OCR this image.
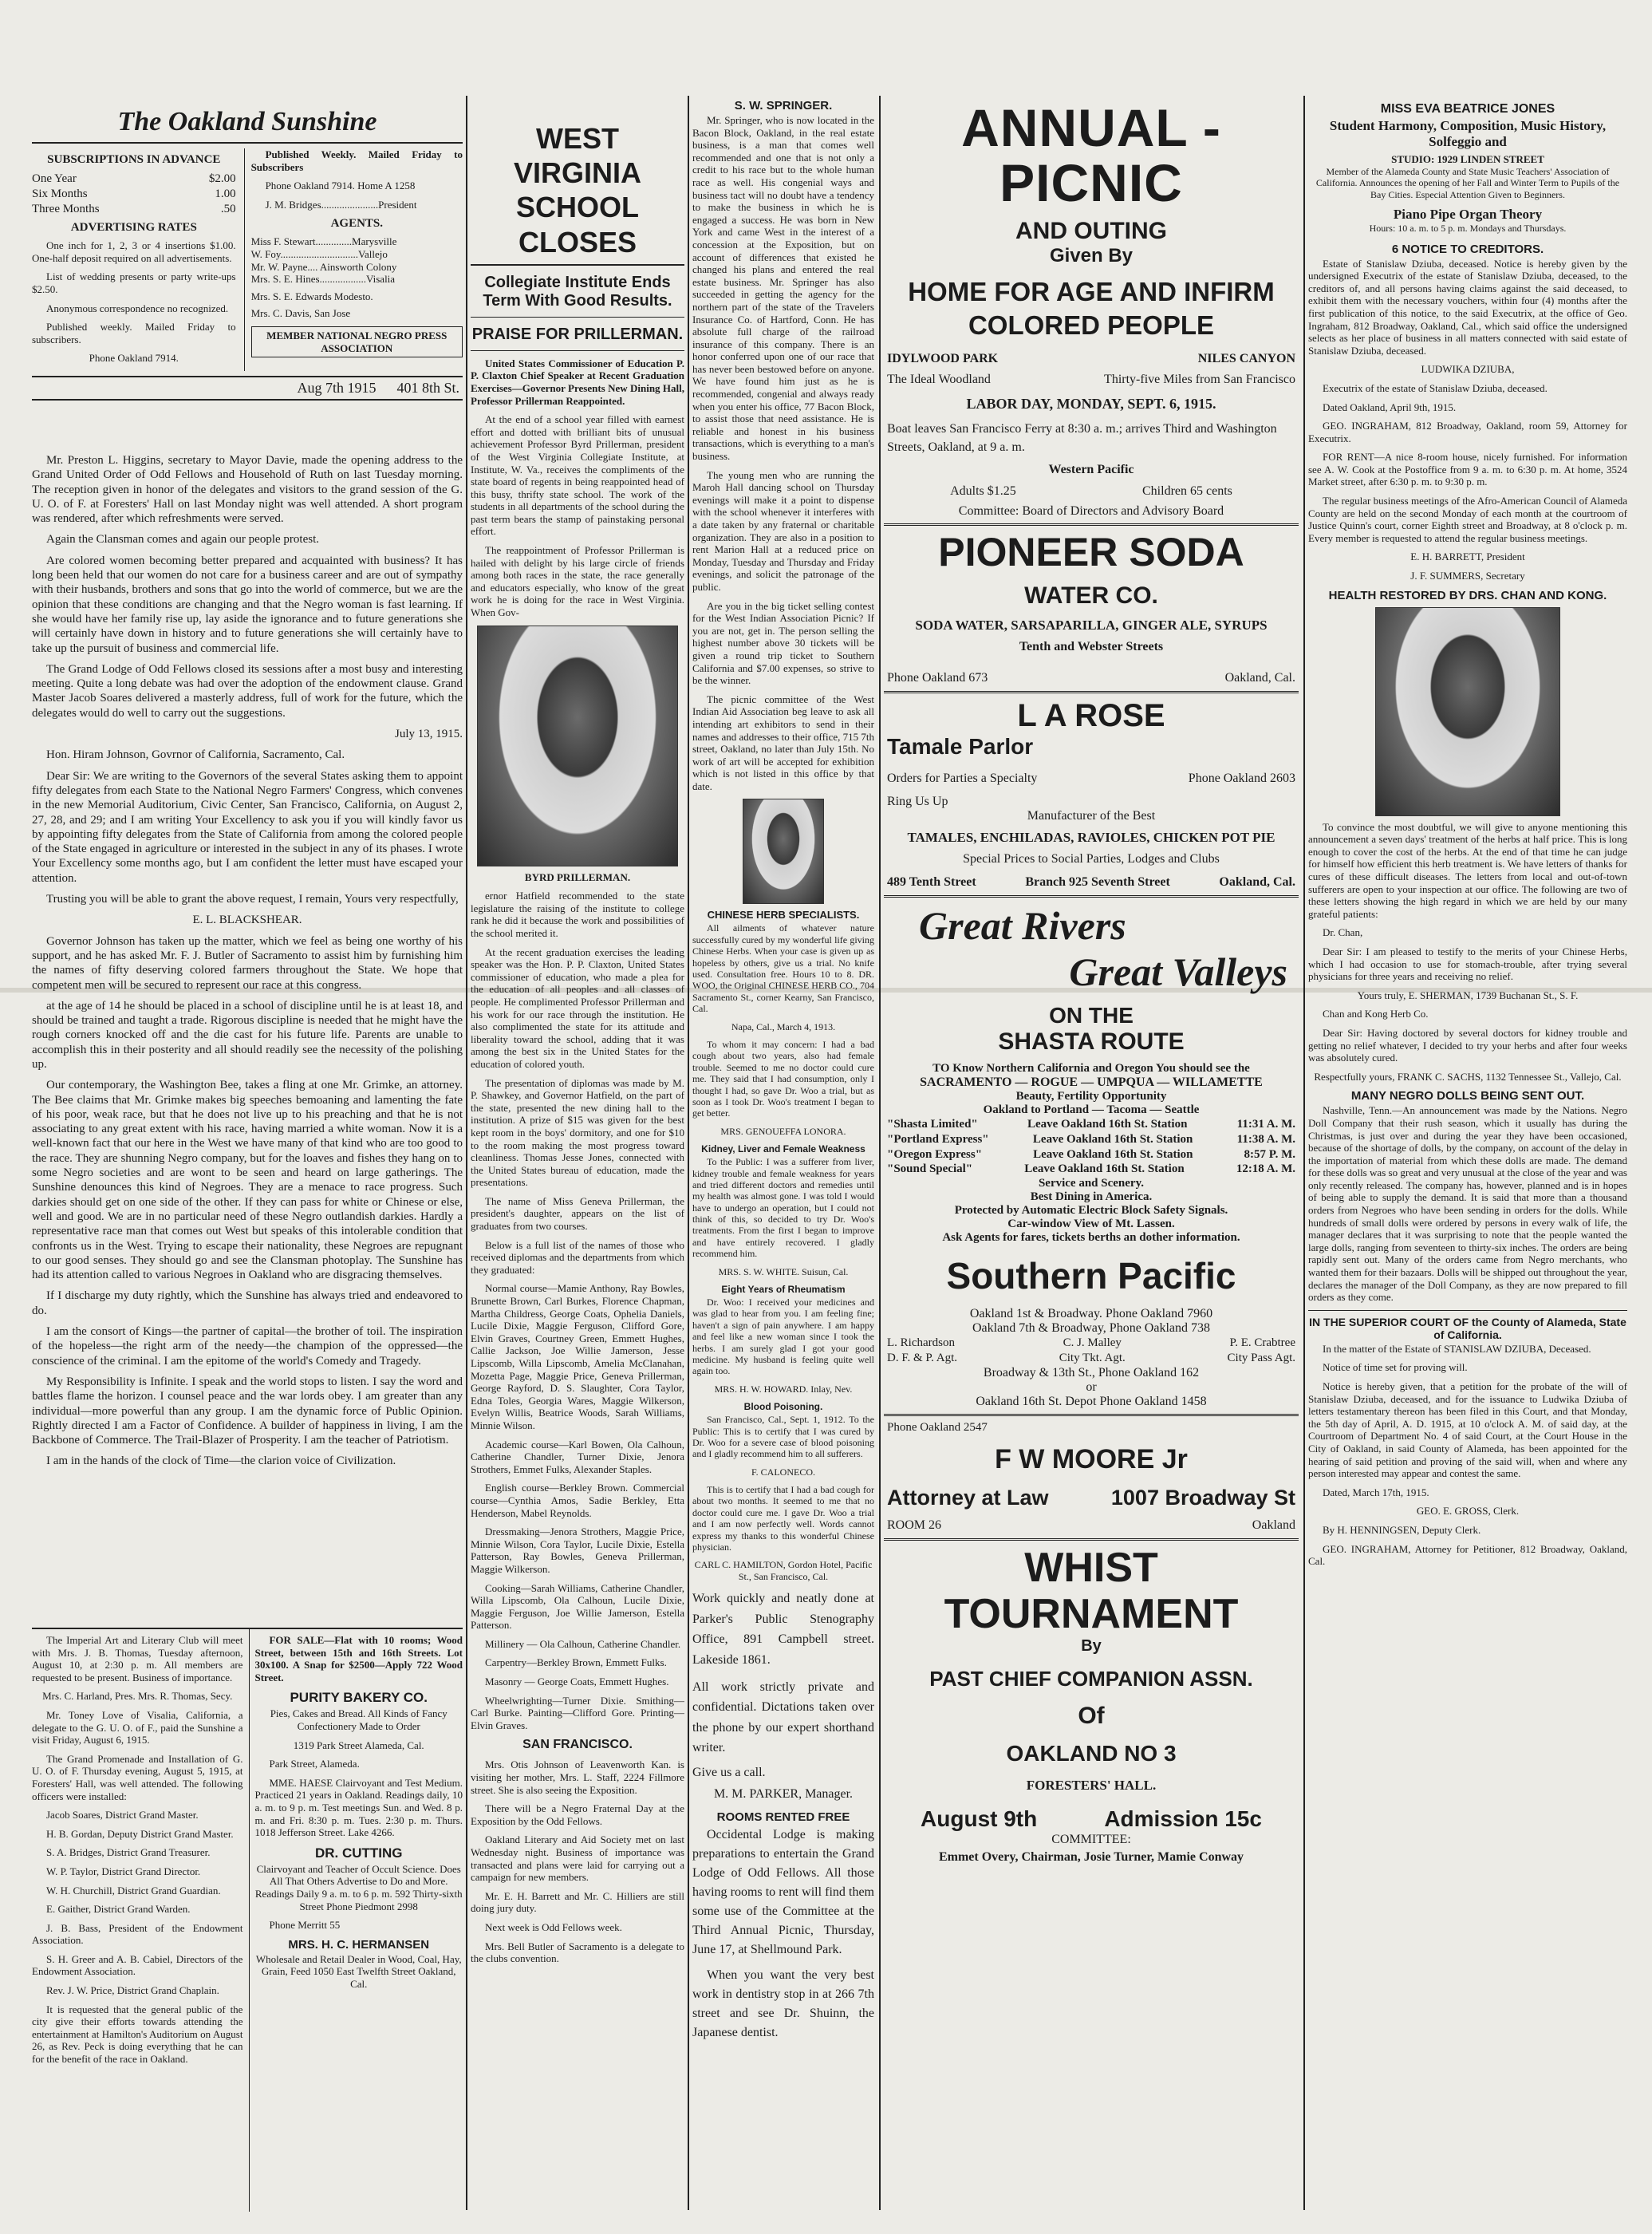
The Oakland Sunshine
SUBSCRIPTIONS IN ADVANCE
One Year	$2.00
Six Months	1.00
Three Months	.50
ADVERTISING RATES

One inch for 1, 2, 3 or 4 insertions $1.00. One-half deposit required on all advertisements.

List of wedding presents or party write-ups $2.50.

Anonymous correspondence no recognized.

Published weekly. Mailed Friday to subscribers.

Phone Oakland 7914.

Published Weekly. Mailed Friday to Subscribers

Phone Oakland 7914. Home A 1258

J. M. Bridges......................President

AGENTS.
Miss F. Stewart..............Marysville
W. Foy..............................Vallejo
Mr. W. Payne.... Ainsworth Colony
Mrs. S. E. Hines..................Visalia
Mrs. S. E. Edwards Modesto.
Mrs. C. Davis, San Jose
MEMBER NATIONAL NEGRO PRESS ASSOCIATION
Aug 7th 1915 401 8th St.

Mr. Preston L. Higgins, secretary to Mayor Davie, made the opening address to the Grand United Order of Odd Fellows and Household of Ruth on last Tuesday morning. The reception given in honor of the delegates and visitors to the grand session of the G. U. O. of F. at Foresters' Hall on last Monday night was well attended. A short program was rendered, after which refreshments were served.

Again the Clansman comes and again our people protest.

Are colored women becoming better prepared and acquainted with business? It has long been held that our women do not care for a business career and are out of sympathy with their husbands, brothers and sons that go into the world of commerce, but we are the opinion that these conditions are changing and that the Negro woman is fast learning. If she would have her family rise up, lay aside the ignorance and to future generations she will certainly have down in history and to future generations she will certainly have to take up the pursuit of business and commercial life.

The Grand Lodge of Odd Fellows closed its sessions after a most busy and interesting meeting. Quite a long debate was had over the adoption of the endowment clause. Grand Master Jacob Soares delivered a masterly address, full of work for the future, which the delegates would do well to carry out the suggestions.

July 13, 1915.

Hon. Hiram Johnson, Govrnor of California, Sacramento, Cal.

Dear Sir: We are writing to the Governors of the several States asking them to appoint fifty delegates from each State to the National Negro Farmers' Congress, which convenes in the new Memorial Auditorium, Civic Center, San Francisco, California, on August 2, 27, 28, and 29; and I am writing Your Excellency to ask you if you will kindly favor us by appointing fifty delegates from the State of California from among the colored people of the State engaged in agriculture or interested in the subject in any of its phases. I wrote Your Excellency some months ago, but I am confident the letter must have escaped your attention.

Trusting you will be able to grant the above request, I remain, Yours very respectfully,

E. L. BLACKSHEAR.

Governor Johnson has taken up the matter, which we feel as being one worthy of his support, and he has asked Mr. F. J. Butler of Sacramento to assist him by furnishing him the names of fifty deserving colored farmers throughout the State. We hope that competent men will be secured to represent our race at this congress.

at the age of 14 he should be placed in a school of discipline until he is at least 18, and should be trained and taught a trade. Rigorous discipline is needed that he might have the rough corners knocked off and the die cast for his future life. Parents are unable to accomplish this in their posterity and all should readily see the necessity of the polishing up.

Our contemporary, the Washington Bee, takes a fling at one Mr. Grimke, an attorney. The Bee claims that Mr. Grimke makes big speeches bemoaning and lamenting the fate of his poor, weak race, but that he does not live up to his preaching and that he is not associating to any great extent with his race, having married a white woman. Now it is a well-known fact that our here in the West we have many of that kind who are too good to the race. They are shunning Negro company, but for the loaves and fishes they hang on to some Negro societies and are wont to be seen and heard on large gatherings. The Sunshine denounces this kind of Negroes. They are a menace to race progress. Such darkies should get on one side of the other. If they can pass for white or Chinese or else, well and good. We are in no particular need of these Negro outlandish darkies. Hardly a representative race man that comes out West but speaks of this intolerable condition that confronts us in the West. Trying to escape their nationality, these Negroes are repugnant to our good senses. They should go and see the Clansman photoplay. The Sunshine has had its attention called to various Negroes in Oakland who are disgracing themselves.

If I discharge my duty rightly, which the Sunshine has always tried and endeavored to do.

I am the consort of Kings—the partner of capital—the brother of toil. The inspiration of the hopeless—the right arm of the needy—the champion of the oppressed—the conscience of the criminal. I am the epitome of the world's Comedy and Tragedy.

My Responsibility is Infinite. I speak and the world stops to listen. I say the word and battles flame the horizon. I counsel peace and the war lords obey. I am greater than any individual—more powerful than any group. I am the dynamic force of Public Opinion. Rightly directed I am a Factor of Confidence. A builder of happiness in living, I am the Backbone of Commerce. The Trail-Blazer of Prosperity. I am the teacher of Patriotism.

I am in the hands of the clock of Time—the clarion voice of Civilization.

The Imperial Art and Literary Club will meet with Mrs. J. B. Thomas, Tuesday afternoon, August 10, at 2:30 p. m. All members are requested to be present. Business of importance.

Mrs. C. Harland, Pres. Mrs. R. Thomas, Secy.

Mr. Toney Love of Visalia, California, a delegate to the G. U. O. of F., paid the Sunshine a visit Friday, August 6, 1915.

The Grand Promenade and Installation of G. U. O. of F. Thursday evening, August 5, 1915, at Foresters' Hall, was well attended. The following officers were installed:

Jacob Soares, District Grand Master.

H. B. Gordan, Deputy District Grand Master.

S. A. Bridges, District Grand Treasurer.

W. P. Taylor, District Grand Director.

W. H. Churchill, District Grand Guardian.

E. Gaither, District Grand Warden.

J. B. Bass, President of the Endowment Association.

S. H. Greer and A. B. Cabiel, Directors of the Endowment Association.

Rev. J. W. Price, District Grand Chaplain.

It is requested that the general public of the city give their efforts towards attending the entertainment at Hamilton's Auditorium on August 26, as Rev. Peck is doing everything that he can for the benefit of the race in Oakland.

FOR SALE—Flat with 10 rooms; Wood Street, between 15th and 16th Streets. Lot 30x100. A Snap for $2500—Apply 722 Wood Street.

PURITY BAKERY CO.

Pies, Cakes and Bread. All Kinds of Fancy Confectionery Made to Order

1319 Park Street Alameda, Cal.

Park Street, Alameda.

MME. HAESE Clairvoyant and Test Medium. Practiced 21 years in Oakland. Readings daily, 10 a. m. to 9 p. m. Test meetings Sun. and Wed. 8 p. m. and Fri. 8:30 p. m. Tues. 2:30 p. m. Thurs. 1018 Jefferson Street. Lake 4266.

DR. CUTTING

Clairvoyant and Teacher of Occult Science. Does All That Others Advertise to Do and More. Readings Daily 9 a. m. to 6 p. m. 592 Thirty-sixth Street Phone Piedmont 2998

Phone Merritt 55

MRS. H. C. HERMANSEN

Wholesale and Retail Dealer in Wood, Coal, Hay, Grain, Feed 1050 East Twelfth Street Oakland, Cal.

WEST VIRGINIA SCHOOL CLOSES
Collegiate Institute Ends Term With Good Results.
PRAISE FOR PRILLERMAN.

United States Commissioner of Education P. P. Claxton Chief Speaker at Recent Graduation Exercises—Governor Presents New Dining Hall, Professor Prillerman Reappointed.

At the end of a school year filled with earnest effort and dotted with brilliant bits of unusual achievement Professor Byrd Prillerman, president of the West Virginia Collegiate Institute, at Institute, W. Va., receives the compliments of the state board of regents in being reappointed head of this busy, thrifty state school. The work of the students in all departments of the school during the past term bears the stamp of painstaking personal effort.

The reappointment of Professor Prillerman is hailed with delight by his large circle of friends among both races in the state, the race generally and educators especially, who know of the great work he is doing for the race in West Virginia. When Gov-

BYRD PRILLERMAN.

ernor Hatfield recommended to the state legislature the raising of the institute to college rank he did it because the work and possibilities of the school merited it.

At the recent graduation exercises the leading speaker was the Hon. P. P. Claxton, United States commissioner of education, who made a plea for the education of all peoples and all classes of people. He complimented Professor Prillerman and his work for our race through the institution. He also complimented the state for its attitude and liberality toward the school, adding that it was among the best six in the United States for the education of colored youth.

The presentation of diplomas was made by M. P. Shawkey, and Governor Hatfield, on the part of the state, presented the new dining hall to the institution. A prize of $15 was given for the best kept room in the boys' dormitory, and one for $10 to the room making the most progress toward cleanliness. Thomas Jesse Jones, connected with the United States bureau of education, made the presentations.

The name of Miss Geneva Prillerman, the president's daughter, appears on the list of graduates from two courses.

Below is a full list of the names of those who received diplomas and the departments from which they graduated:

Normal course—Mamie Anthony, Ray Bowles, Brunette Brown, Carl Burkes, Florence Chapman, Martha Childress, George Coats, Ophelia Daniels, Lucile Dixie, Maggie Ferguson, Clifford Gore, Elvin Graves, Courtney Green, Emmett Hughes, Callie Jackson, Joe Willie Jamerson, Jesse Lipscomb, Willa Lipscomb, Amelia McClanahan, Mozetta Page, Maggie Price, Geneva Prillerman, George Rayford, D. S. Slaughter, Cora Taylor, Edna Toles, Georgia Wares, Maggie Wilkerson, Evelyn Willis, Beatrice Woods, Sarah Williams, Minnie Wilson.

Academic course—Karl Bowen, Ola Calhoun, Catherine Chandler, Turner Dixie, Jenora Strothers, Emmet Fulks, Alexander Staples.

English course—Berkley Brown. Commercial course—Cynthia Amos, Sadie Berkley, Etta Henderson, Mabel Reynolds.

Dressmaking—Jenora Strothers, Maggie Price, Minnie Wilson, Cora Taylor, Lucile Dixie, Estella Patterson, Ray Bowles, Geneva Prillerman, Maggie Wilkerson.

Cooking—Sarah Williams, Catherine Chandler, Willa Lipscomb, Ola Calhoun, Lucile Dixie, Maggie Ferguson, Joe Willie Jamerson, Estella Patterson.

Millinery — Ola Calhoun, Catherine Chandler.

Carpentry—Berkley Brown, Emmett Fulks.

Masonry — George Coats, Emmett Hughes.

Wheelwrighting—Turner Dixie. Smithing—Carl Burke. Painting—Clifford Gore. Printing—Elvin Graves.

SAN FRANCISCO.

Mrs. Otis Johnson of Leavenworth Kan. is visiting her mother, Mrs. L. Staff, 2224 Fillmore street. She is also seeing the Exposition.

There will be a Negro Fraternal Day at the Exposition by the Odd Fellows.

Oakland Literary and Aid Society met on last Wednesday night. Business of importance was transacted and plans were laid for carrying out a campaign for new members.

Mr. E. H. Barrett and Mr. C. Hilliers are still doing jury duty.

Next week is Odd Fellows week.

Mrs. Bell Butler of Sacramento is a delegate to the clubs convention.

S. W. SPRINGER.

Mr. Springer, who is now located in the Bacon Block, Oakland, in the real estate business, is a man that comes well recommended and one that is not only a credit to his race but to the whole human race as well. His congenial ways and business tact will no doubt have a tendency to make the business in which he is engaged a success. He was born in New York and came West in the interest of a concession at the Exposition, but on account of differences that existed he changed his plans and entered the real estate business. Mr. Springer has also succeeded in getting the agency for the northern part of the state of the Travelers Insurance Co. of Hartford, Conn. He has absolute full charge of the railroad insurance of this company. There is an honor conferred upon one of our race that has never been bestowed before on anyone. We have found him just as he is recommended, congenial and always ready when you enter his office, 77 Bacon Block, to assist those that need assistance. He is reliable and honest in his business transactions, which is everything to a man's business.

The young men who are running the Maroh Hall dancing school on Thursday evenings will make it a point to dispense with the school whenever it interferes with a date taken by any fraternal or charitable organization. They are also in a position to rent Marion Hall at a reduced price on Monday, Tuesday and Thursday and Friday evenings, and solicit the patronage of the public.

Are you in the big ticket selling contest for the West Indian Association Picnic? If you are not, get in. The person selling the highest number above 30 tickets will be given a round trip ticket to Southern California and $7.00 expenses, so strive to be the winner.

The picnic committee of the West Indian Aid Association beg leave to ask all intending art exhibitors to send in their names and addresses to their office, 715 7th street, Oakland, no later than July 15th. No work of art will be accepted for exhibition which is not listed in this office by that date.

CHINESE HERB SPECIALISTS.

All ailments of whatever nature successfully cured by my wonderful life giving Chinese Herbs. When your case is given up as hopeless by others, give us a trial. No knife used. Consultation free. Hours 10 to 8. DR. WOO, the Original CHINESE HERB CO., 704 Sacramento St., corner Kearny, San Francisco, Cal.

Napa, Cal., March 4, 1913.

To whom it may concern: I had a bad cough about two years, also had female trouble. Seemed to me no doctor could cure me. They said that I had consumption, only I thought I had, so gave Dr. Woo a trial, but as soon as I took Dr. Woo's treatment I began to get better.

MRS. GENOUEFFA LONORA.

Kidney, Liver and Female Weakness

To the Public: I was a sufferer from liver, kidney trouble and female weakness for years and tried different doctors and remedies until my health was almost gone. I was told I would have to undergo an operation, but I could not think of this, so decided to try Dr. Woo's treatments. From the first I began to improve and have entirely recovered. I gladly recommend him.

MRS. S. W. WHITE. Suisun, Cal.

Eight Years of Rheumatism

Dr. Woo: I received your medicines and was glad to hear from you. I am feeling fine; haven't a sign of pain anywhere. I am happy and feel like a new woman since I took the herbs. I am surely glad I got your good medicine. My husband is feeling quite well again too.

MRS. H. W. HOWARD. Inlay, Nev.

Blood Poisoning.

San Francisco, Cal., Sept. 1, 1912. To the Public: This is to certify that I was cured by Dr. Woo for a severe case of blood poisoning and I gladly recommend him to all sufferers.

F. CALONECO.

This is to certify that I had a bad cough for about two months. It seemed to me that no doctor could cure me. I gave Dr. Woo a trial and I am now perfectly well. Words cannot express my thanks to this wonderful Chinese physician.

CARL C. HAMILTON, Gordon Hotel, Pacific St., San Francisco, Cal.

Work quickly and neatly done at Parker's Public Stenography Office, 891 Campbell street. Lakeside 1861.

All work strictly private and confidential. Dictations taken over the phone by our expert shorthand writer.

Give us a call.

M. M. PARKER, Manager.

ROOMS RENTED FREE

Occidental Lodge is making preparations to entertain the Grand Lodge of Odd Fellows. All those having rooms to rent will find them some use of the Committee at the Third Annual Picnic, Thursday, June 17, at Shellmound Park.

When you want the very best work in dentistry stop in at 266 7th street and see Dr. Shuinn, the Japanese dentist.

ANNUAL - PICNIC
AND OUTING
Given By
HOME FOR AGE AND INFIRM COLORED PEOPLE
IDYLWOOD PARK	NILES CANYON
The Ideal Woodland	Thirty-five Miles from San Francisco
LABOR DAY, MONDAY, SEPT. 6, 1915.
Boat leaves San Francisco Ferry at 8:30 a. m.; arrives Third and Washington Streets, Oakland, at 9 a. m.
Western Pacific
Adults $1.25	Children 65 cents
Committee: Board of Directors and Advisory Board
PIONEER SODA
WATER CO.
SODA WATER, SARSAPARILLA, GINGER ALE, SYRUPS
Tenth and Webster Streets
Phone Oakland 673	Oakland, Cal.
L A ROSE
Tamale Parlor
Orders for Parties a Specialty	Phone Oakland 2603
Ring Us Up
Manufacturer of the Best
TAMALES, ENCHILADAS, RAVIOLES, CHICKEN POT PIE
Special Prices to Social Parties, Lodges and Clubs
489 Tenth Street	Branch 925 Seventh Street	Oakland, Cal.
Great Rivers
Great Valleys
ON THE
SHASTA ROUTE
TO Know Northern California and Oregon You should see the
SACRAMENTO — ROGUE — UMPQUA — WILLAMETTE
Beauty, Fertility Opportunity
Oakland to Portland — Tacoma — Seattle
"Shasta Limited"	Leave Oakland 16th St. Station	11:31 A. M.
"Portland Express"	Leave Oakland 16th St. Station	11:38 A. M.
"Oregon Express"	Leave Oakland 16th St. Station	8:57 P. M.
"Sound Special"	Leave Oakland 16th St. Station	12:18 A. M.
Service and Scenery.
Best Dining in America.
Protected by Automatic Electric Block Safety Signals.
Car-window View of Mt. Lassen.
Ask Agents for fares, tickets berths an dother information.
Southern Pacific
Oakland 1st & Broadway. Phone Oakland 7960
Oakland 7th & Broadway, Phone Oakland 738
L. Richardson	C. J. Malley	P. E. Crabtree
D. F. & P. Agt.	City Tkt. Agt.	City Pass Agt.
Broadway & 13th St., Phone Oakland 162
or
Oakland 16th St. Depot Phone Oakland 1458
Phone Oakland 2547
F W MOORE Jr
Attorney at Law	1007 Broadway St
ROOM 26	Oakland
WHIST TOURNAMENT
By
PAST CHIEF COMPANION ASSN.
Of
OAKLAND NO 3
FORESTERS' HALL.
August 9th	Admission 15c
COMMITTEE:
Emmet Overy, Chairman, Josie Turner, Mamie Conway
MISS EVA BEATRICE JONES
Student Harmony, Composition, Music History, Solfeggio and
STUDIO: 1929 LINDEN STREET

Member of the Alameda County and State Music Teachers' Association of California. Announces the opening of her Fall and Winter Term to Pupils of the Bay Cities. Especial Attention Given to Beginners.

Piano Pipe Organ Theory

Hours: 10 a. m. to 5 p. m. Mondays and Thursdays.

6 NOTICE TO CREDITORS.

Estate of Stanislaw Dziuba, deceased. Notice is hereby given by the undersigned Executrix of the estate of Stanislaw Dziuba, deceased, to the creditors of, and all persons having claims against the said deceased, to exhibit them with the necessary vouchers, within four (4) months after the first publication of this notice, to the said Executrix, at the office of Geo. Ingraham, 812 Broadway, Oakland, Cal., which said office the undersigned selects as her place of business in all matters connected with said estate of Stanislaw Dziuba, deceased.

LUDWIKA DZIUBA,

Executrix of the estate of Stanislaw Dziuba, deceased.

Dated Oakland, April 9th, 1915.

GEO. INGRAHAM, 812 Broadway, Oakland, room 59, Attorney for Executrix.

FOR RENT—A nice 8-room house, nicely furnished. For information see A. W. Cook at the Postoffice from 9 a. m. to 6:30 p. m. At home, 3524 Market street, after 6:30 p. m. to 9:30 p. m.

The regular business meetings of the Afro-American Council of Alameda County are held on the second Monday of each month at the courtroom of Justice Quinn's court, corner Eighth street and Broadway, at 8 o'clock p. m. Every member is requested to attend the regular business meetings.

E. H. BARRETT, President

J. F. SUMMERS, Secretary

HEALTH RESTORED BY DRS. CHAN AND KONG.

To convince the most doubtful, we will give to anyone mentioning this announcement a seven days' treatment of the herbs at half price. This is long enough to cover the cost of the herbs. At the end of that time he can judge for himself how efficient this herb treatment is. We have letters of thanks for cures of these difficult diseases. The letters from local and out-of-town sufferers are open to your inspection at our office. The following are two of these letters showing the high regard in which we are held by our many grateful patients:

Dr. Chan,

Dear Sir: I am pleased to testify to the merits of your Chinese Herbs, which I had occasion to use for stomach-trouble, after trying several physicians for three years and receiving no relief.

Yours truly, E. SHERMAN, 1739 Buchanan St., S. F.

Chan and Kong Herb Co.

Dear Sir: Having doctored by several doctors for kidney trouble and getting no relief whatever, I decided to try your herbs and after four weeks was absolutely cured.

Respectfully yours, FRANK C. SACHS, 1132 Tennessee St., Vallejo, Cal.

MANY NEGRO DOLLS BEING SENT OUT.

Nashville, Tenn.—An announcement was made by the Nations. Negro Doll Company that their rush season, which it usually has during the Christmas, is just over and during the year they have been occasioned, because of the shortage of dolls, by the company, on account of the delay in the importation of material from which these dolls are made. The demand for these dolls was so great and very unusual at the close of the year and was only recently released. The company has, however, planned and is in hopes of being able to supply the demand. It is said that more than a thousand orders from Negroes who have been sending in orders for the dolls. While hundreds of small dolls were ordered by persons in every walk of life, the manager declares that it was surprising to note that the people wanted the large dolls, ranging from seventeen to thirty-six inches. The orders are being rapidly sent out. Many of the orders came from Negro merchants, who wanted them for their bazaars. Dolls will be shipped out throughout the year, declares the manager of the Doll Company, as they are now prepared to fill orders as they come.

IN THE SUPERIOR COURT OF the County of Alameda, State of California.

In the matter of the Estate of STANISLAW DZIUBA, Deceased.

Notice of time set for proving will.

Notice is hereby given, that a petition for the probate of the will of Stanislaw Dziuba, deceased, and for the issuance to Ludwika Dziuba of letters testamentary thereon has been filed in this Court, and that Monday, the 5th day of April, A. D. 1915, at 10 o'clock A. M. of said day, at the Courtroom of Department No. 4 of said Court, at the Court House in the City of Oakland, in said County of Alameda, has been appointed for the hearing of said petition and proving of the said will, when and where any person interested may appear and contest the same.

Dated, March 17th, 1915.

GEO. E. GROSS, Clerk.

By H. HENNINGSEN, Deputy Clerk.

GEO. INGRAHAM, Attorney for Petitioner, 812 Broadway, Oakland, Cal.
